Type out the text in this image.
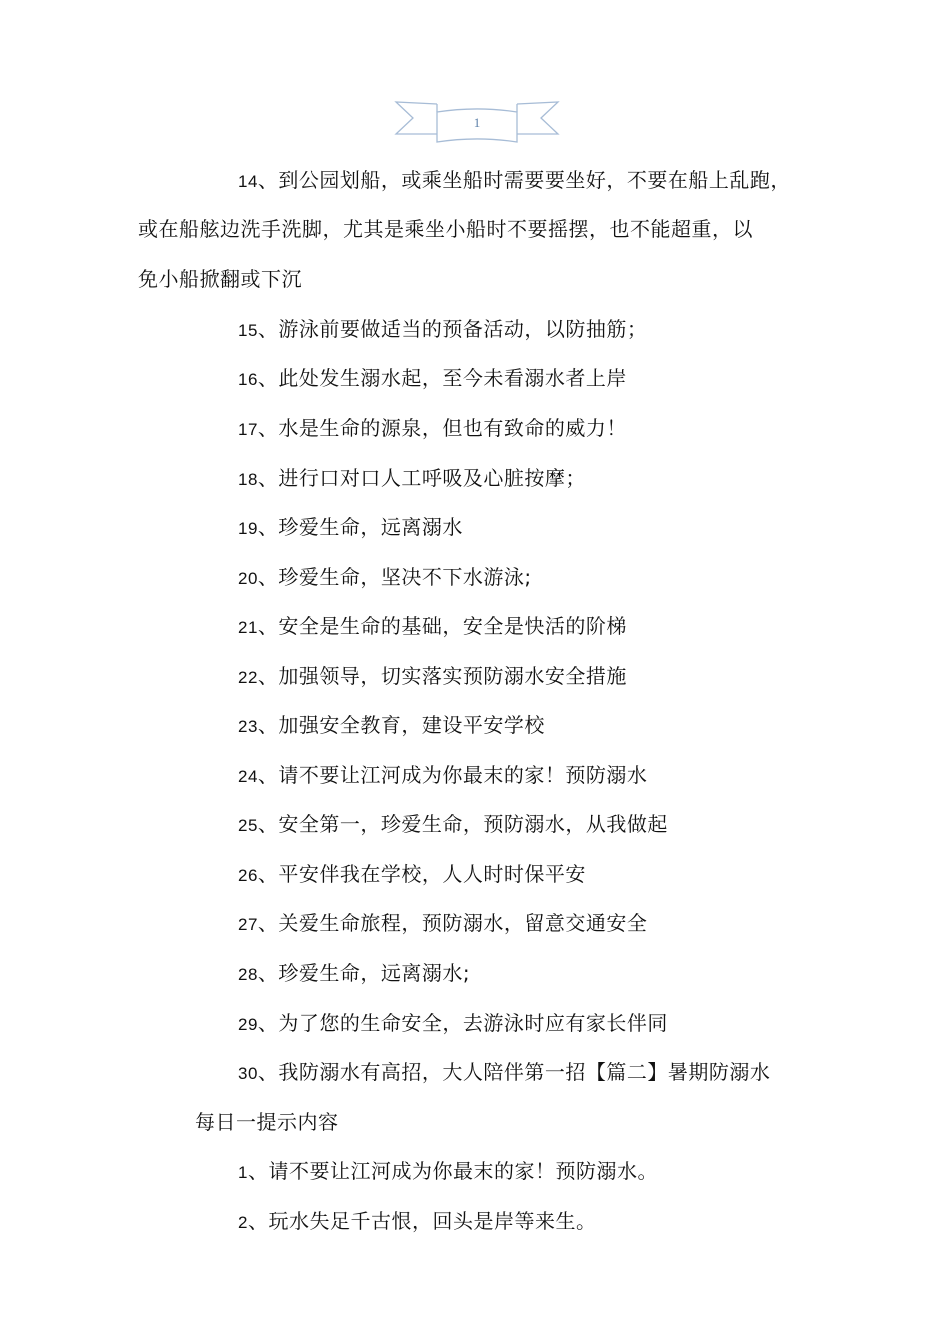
1
14、到公园划船，或乘坐船时需要要坐好，不要在船上乱跑，
或在船舷边洗手洗脚，尤其是乘坐小船时不要摇摆，也不能超重，以
免小船掀翻或下沉
15、游泳前要做适当的预备活动，以防抽筋；
16、此处发生溺水起，至今未看溺水者上岸
17、水是生命的源泉，但也有致命的威力！
18、进行口对口人工呼吸及心脏按摩；
19、珍爱生命，远离溺水
20、珍爱生命，坚决不下水游泳;
21、安全是生命的基础，安全是快活的阶梯
22、加强领导，切实落实预防溺水安全措施
23、加强安全教育，建设平安学校
24、请不要让江河成为你最末的家！预防溺水
25、安全第一，珍爱生命，预防溺水，从我做起
26、平安伴我在学校，人人时时保平安
27、关爱生命旅程，预防溺水，留意交通安全
28、珍爱生命，远离溺水;
29、为了您的生命安全，去游泳时应有家长伴同
30、我防溺水有高招，大人陪伴第一招【篇二】暑期防溺水
每日一提示内容
1、请不要让江河成为你最末的家！预防溺水。
2、玩水失足千古恨，回头是岸等来生。
